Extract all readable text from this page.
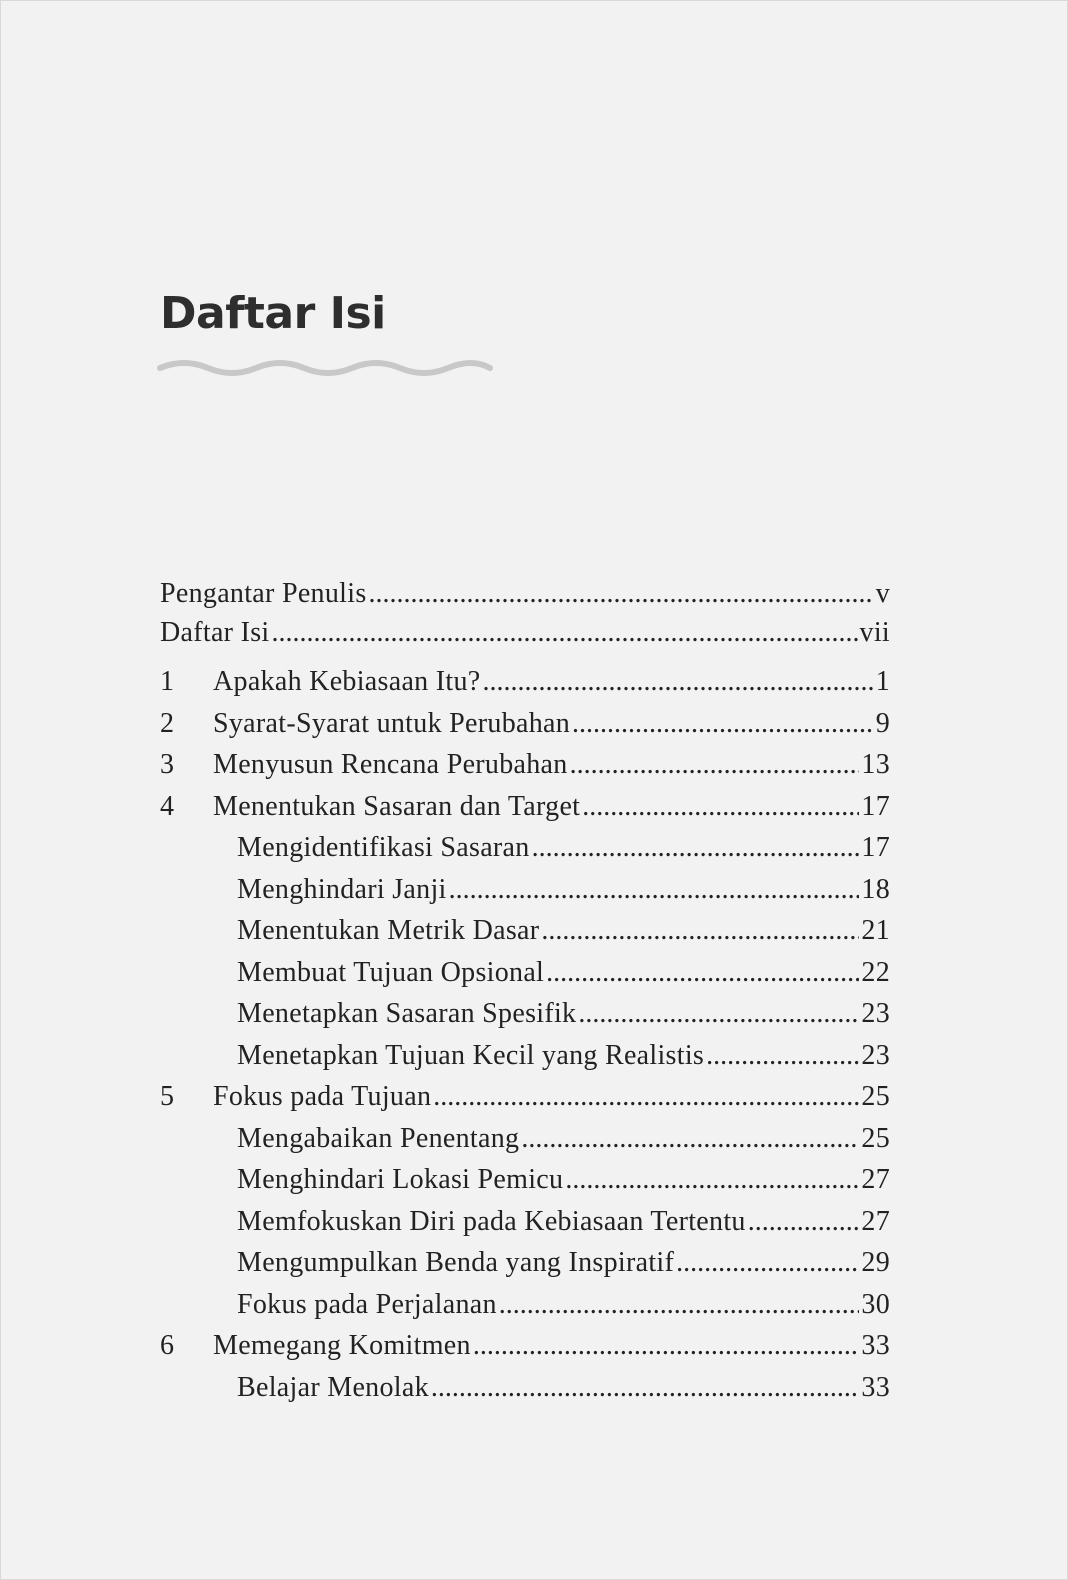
Daftar Isi
Pengantar Penulis .....	v
Daftar Isi .....	vii
1	Apakah Kebiasaan Itu? .....	1
2	Syarat-Syarat untuk Perubahan .....	9
3	Menyusun Rencana Perubahan .....	13
4	Menentukan Sasaran dan Target .....	17
Mengidentifikasi Sasaran .....	17
Menghindari Janji .....	18
Menentukan Metrik Dasar .....	21
Membuat Tujuan Opsional .....	22
Menetapkan Sasaran Spesifik .....	23
Menetapkan Tujuan Kecil yang Realistis .....	23
5	Fokus pada Tujuan .....	25
Mengabaikan Penentang .....	25
Menghindari Lokasi Pemicu .....	27
Memfokuskan Diri pada Kebiasaan Tertentu .....	27
Mengumpulkan Benda yang Inspiratif .....	29
Fokus pada Perjalanan .....	30
6	Memegang Komitmen .....	33
Belajar Menolak .....	33
